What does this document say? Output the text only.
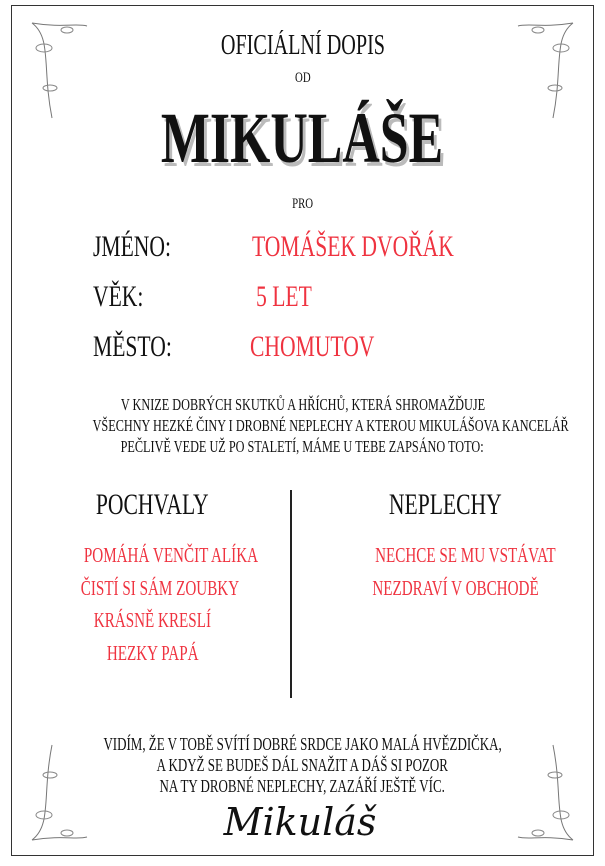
OFICIÁLNÍ DOPIS
OD
MIKULÁŠE
PRO
JMÉNO:	TOMÁŠEK DVOŘÁK
VĚK:	5 LET
MĚSTO:	CHOMUTOV
V KNIZE DOBRÝCH SKUTKŮ A HŘÍCHŮ, KTERÁ SHROMAŽĎUJE
VŠECHNY HEZKÉ ČINY I DROBNÉ NEPLECHY A KTEROU MIKULÁŠOVA KANCELÁŘ
PEČLIVĚ VEDE UŽ PO STALETÍ, MÁME U TEBE ZAPSÁNO TOTO:
POCHVALY
POMÁHÁ VENČIT ALÍKA
ČISTÍ SI SÁM ZOUBKY
KRÁSNĚ KRESLÍ
HEZKY PAPÁ
NEPLECHY
NECHCE SE MU VSTÁVAT
NEZDRAVÍ V OBCHODĚ
VIDÍM, ŽE V TOBĚ SVÍTÍ DOBRÉ SRDCE JAKO MALÁ HVĚZDIČKA,
A KDYŽ SE BUDEŠ DÁL SNAŽIT A DÁŠ SI POZOR
NA TY DROBNÉ NEPLECHY, ZAZÁŘÍ JEŠTĚ VÍC.
Mikuláš
